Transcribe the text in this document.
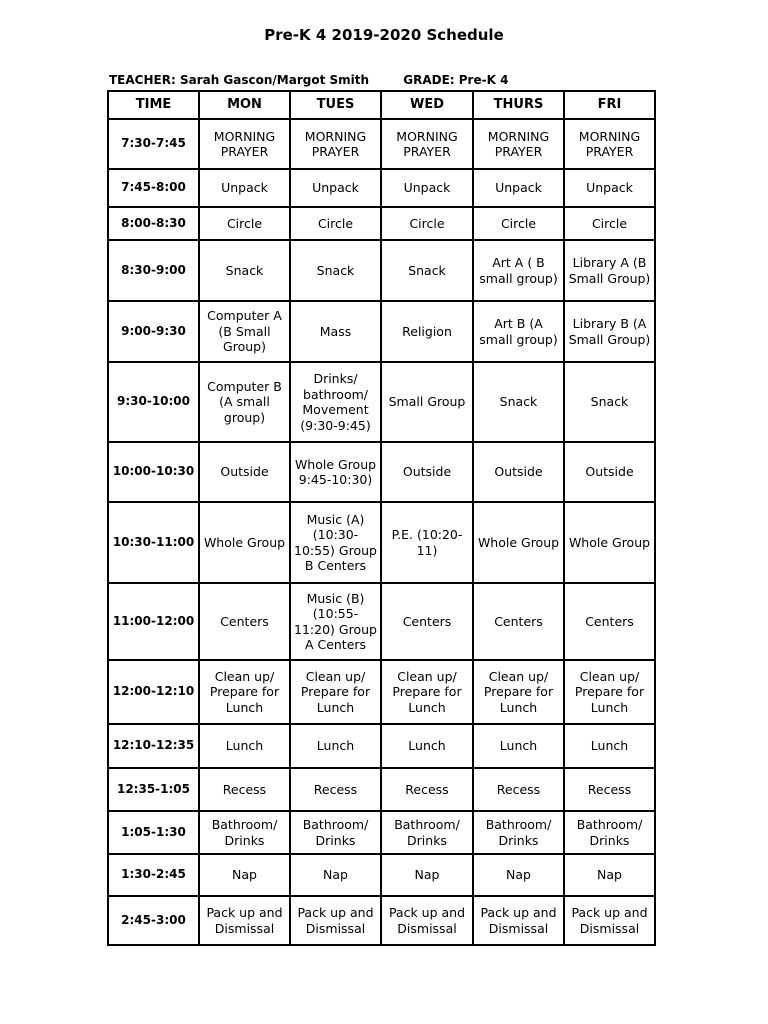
Pre-K 4 2019-2020 Schedule
TEACHER: Sarah Gascon/Margot Smith	GRADE: Pre-K 4
TIME	MON	TUES	WED	THURS	FRI
7:30-7:45	MORNING PRAYER	MORNING PRAYER	MORNING PRAYER	MORNING PRAYER	MORNING PRAYER
7:45-8:00	Unpack	Unpack	Unpack	Unpack	Unpack
8:00-8:30	Circle	Circle	Circle	Circle	Circle
8:30-9:00	Snack	Snack	Snack	Art A ( B small group)	Library A (B Small Group)
9:00-9:30	Computer A (B Small Group)	Mass	Religion	Art B (A small group)	Library B (A Small Group)
9:30-10:00	Computer B (A small group)	Drinks/ bathroom/ Movement (9:30-9:45)	Small Group	Snack	Snack
10:00-10:30	Outside	Whole Group 9:45-10:30)	Outside	Outside	Outside
10:30-11:00	Whole Group	Music (A) (10:30-10:55) Group B Centers	P.E. (10:20-11)	Whole Group	Whole Group
11:00-12:00	Centers	Music (B) (10:55-11:20) Group A Centers	Centers	Centers	Centers
12:00-12:10	Clean up/ Prepare for Lunch	Clean up/ Prepare for Lunch	Clean up/ Prepare for Lunch	Clean up/ Prepare for Lunch	Clean up/ Prepare for Lunch
12:10-12:35	Lunch	Lunch	Lunch	Lunch	Lunch
12:35-1:05	Recess	Recess	Recess	Recess	Recess
1:05-1:30	Bathroom/ Drinks	Bathroom/ Drinks	Bathroom/ Drinks	Bathroom/ Drinks	Bathroom/ Drinks
1:30-2:45	Nap	Nap	Nap	Nap	Nap
2:45-3:00	Pack up and Dismissal	Pack up and Dismissal	Pack up and Dismissal	Pack up and Dismissal	Pack up and Dismissal
